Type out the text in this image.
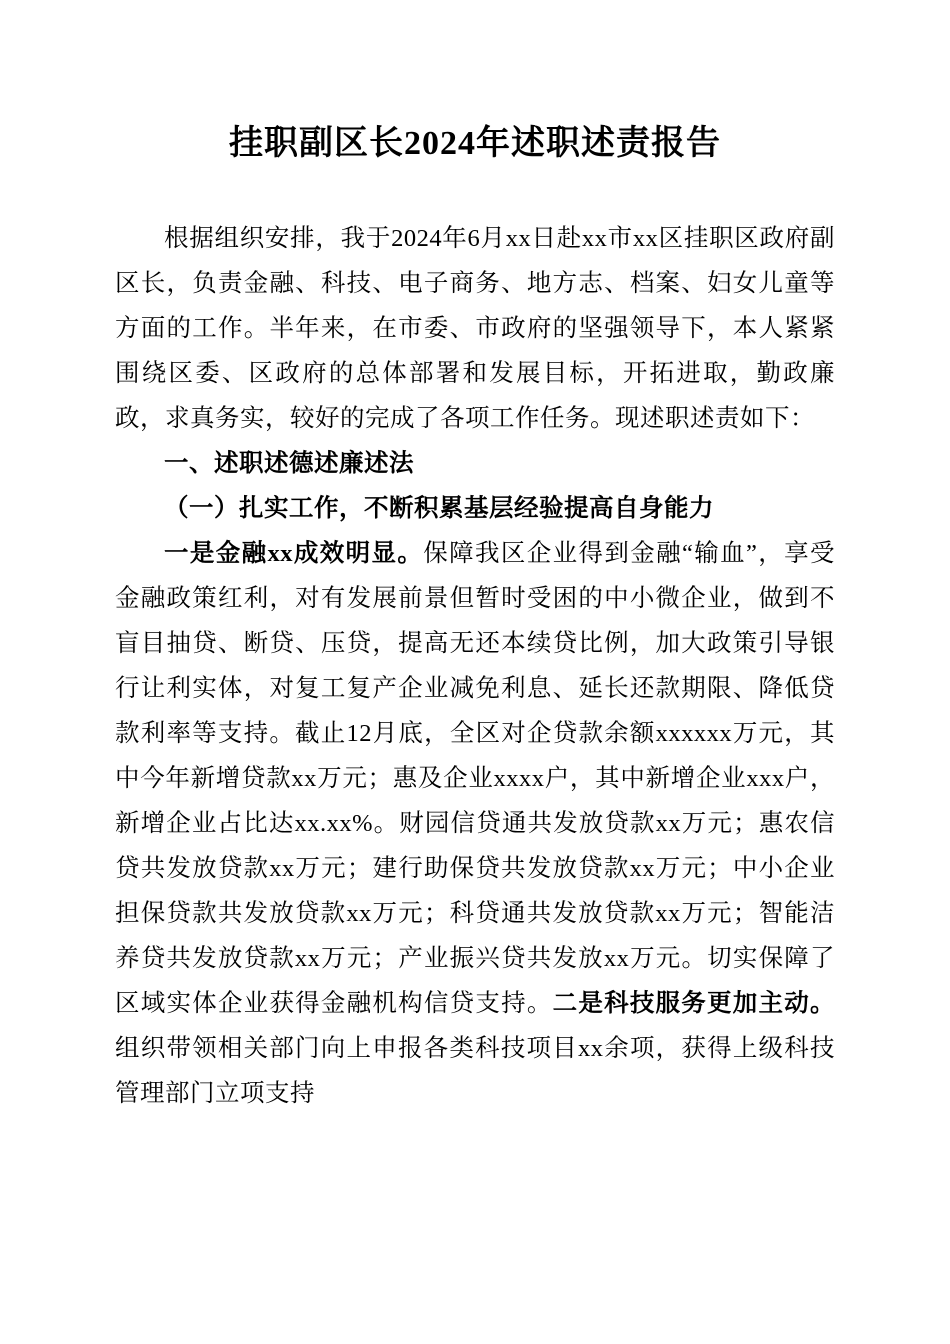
挂职副区长2024年述职述责报告

根据组织安排，我于2024年6月xx日赴xx市xx区挂职区政府副区长，负责金融、科技、电子商务、地方志、档案、妇女儿童等方面的工作。半年来，在市委、市政府的坚强领导下，本人紧紧围绕区委、区政府的总体部署和发展目标，开拓进取，勤政廉政，求真务实，较好的完成了各项工作任务。现述职述责如下：

一、述职述德述廉述法

（一）扎实工作，不断积累基层经验提高自身能力

一是金融xx成效明显。保障我区企业得到金融“输血”，享受金融政策红利，对有发展前景但暂时受困的中小微企业，做到不盲目抽贷、断贷、压贷，提高无还本续贷比例，加大政策引导银行让利实体，对复工复产企业减免利息、延长还款期限、降低贷款利率等支持。截止12月底，全区对企贷款余额xxxxxx万元，其中今年新增贷款xx万元；惠及企业xxxx户，其中新增企业xxx户，新增企业占比达xx.xx%。财园信贷通共发放贷款xx万元；惠农信贷共发放贷款xx万元；建行助保贷共发放贷款xx万元；中小企业担保贷款共发放贷款xx万元；科贷通共发放贷款xx万元；智能洁养贷共发放贷款xx万元；产业振兴贷共发放xx万元。切实保障了区域实体企业获得金融机构信贷支持。二是科技服务更加主动。组织带领相关部门向上申报各类科技项目xx余项，获得上级科技管理部门立项支持
